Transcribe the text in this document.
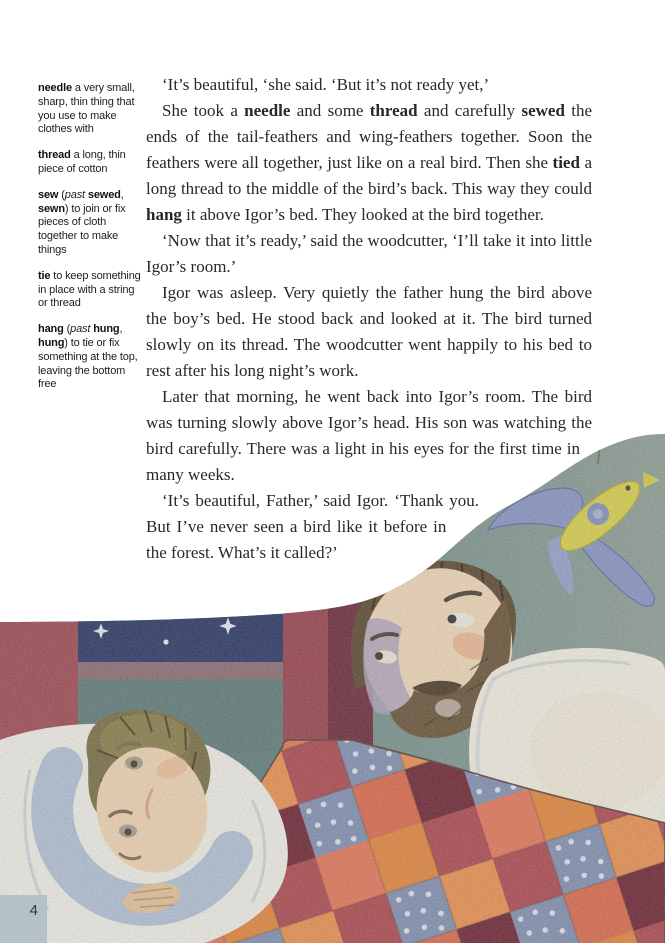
needle a very small, sharp, thin thing that you use to make clothes with
thread a long, thin piece of cotton
sew (past sewed, sewn) to join or fix pieces of cloth together to make things
tie to keep something in place with a string or thread
hang (past hung, hung) to tie or fix something at the top, leaving the bottom free

‘It’s beautiful, ‘she said. ‘But it’s not ready yet,’

She took a needle and some thread and carefully sewed the ends of the tail-feathers and wing-feathers together. Soon the feathers were all together, just like on a real bird. Then she tied a long thread to the middle of the bird’s back. This way they could hang it above Igor’s bed. They looked at the bird together.

‘Now that it’s ready,’ said the woodcutter, ‘I’ll take it into little Igor’s room.’

Igor was asleep. Very quietly the father hung the bird above the boy’s bed. He stood back and looked at it. The bird turned slowly on its thread. The woodcutter went happily to his bed to rest after his long night’s work.

Later that morning, he went back into Igor’s room. The bird was turning slowly above Igor’s head. His son was watching the bird carefully. There was a light in his eyes for the first time in many weeks.

‘It’s beautiful, Father,’ said Igor. ‘Thank you. But I’ve never seen a bird like it before in the forest. What’s it called?’

4
